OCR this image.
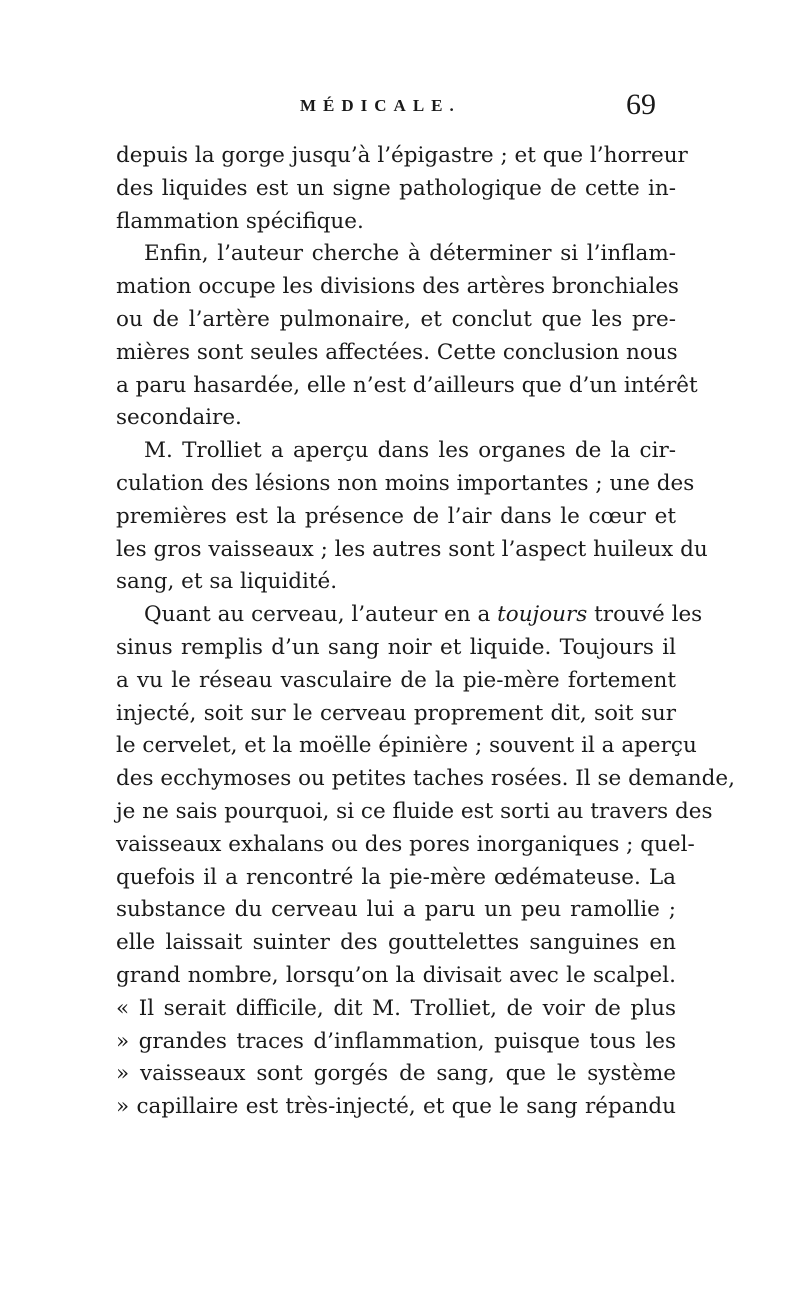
MÉDICALE.	69
depuis la gorge jusqu’à l’épigastre ; et que l’horreur
des liquides est un signe pathologique de cette in-
flammation spécifique.
Enfin, l’auteur cherche à déterminer si l’inflam-
mation occupe les divisions des artères bronchiales
ou de l’artère pulmonaire, et conclut que les pre-
mières sont seules affectées. Cette conclusion nous
a paru hasardée, elle n’est d’ailleurs que d’un intérêt
secondaire.
M. Trolliet a aperçu dans les organes de la cir-
culation des lésions non moins importantes ; une des
premières est la présence de l’air dans le cœur et
les gros vaisseaux ; les autres sont l’aspect huileux du
sang, et sa liquidité.
Quant au cerveau, l’auteur en a toujours trouvé les
sinus remplis d’un sang noir et liquide. Toujours il
a vu le réseau vasculaire de la pie-mère fortement
injecté, soit sur le cerveau proprement dit, soit sur
le cervelet, et la moëlle épinière ; souvent il a aperçu
des ecchymoses ou petites taches rosées. Il se demande,
je ne sais pourquoi, si ce fluide est sorti au travers des
vaisseaux exhalans ou des pores inorganiques ; quel-
quefois il a rencontré la pie-mère œdémateuse. La
substance du cerveau lui a paru un peu ramollie ;
elle laissait suinter des gouttelettes sanguines en
grand nombre, lorsqu’on la divisait avec le scalpel.
« Il serait difficile, dit M. Trolliet, de voir de plus
» grandes traces d’inflammation, puisque tous les
» vaisseaux sont gorgés de sang, que le système
» capillaire est très-injecté, et que le sang répandu
